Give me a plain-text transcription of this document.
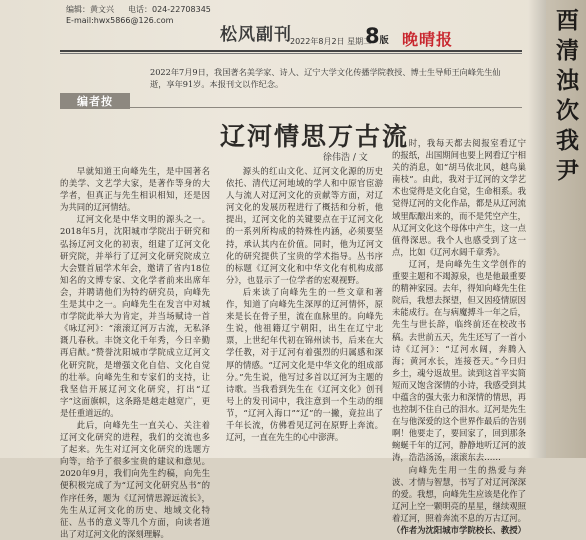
编辑：黄文兴 电话：024-22708345
E-mail:hwx5866@126.com
松风副刊
2022年8月2日 星期二
8版 晚晴报
2022年7月9日，我国著名美学家、诗人、辽宁大学文化传播学院教授、博士生导师王向峰先生仙逝，享年91岁。本报刊文以作纪念。
编者按
辽河情思万古流
徐伟浩 / 文

早就知道王向峰先生，是中国著名的美学、文艺学大家，是著作等身的大学者，但真正与先生相识相知，还是因为共同的辽河情结。

辽河文化是中华文明的源头之一。2018年5月，沈阳城市学院出于研究和弘扬辽河文化的初衷，组建了辽河文化研究院，并举行了辽河文化研究院成立大会暨首届学术年会，邀请了省内18位知名的文博专家、文化学者前来出席年会，并聘请他们为特约研究员，向峰先生是其中之一。向峰先生在发言中对城市学院此举大为肯定，并当场赋诗一首《咏辽河》：“滚滚辽河万古流，无私泽溉几春秋。丰饶文化千年秀，今日辛勤再启猷。”赞誉沈阳城市学院成立辽河文化研究院，是增强文化自信、文化自觉的壮举。向峰先生和专家们的支持，让我坚信开展辽河文化研究，打出“辽字”这面旗帜，这条路是越走越宽广，更是任重道远的。

此后，向峰先生一直关心、关注着辽河文化研究的进程，我们的交流也多了起来。先生对辽河文化研究的选题方向等，给予了很多宝贵的建议和意见。2020年9月，我们向先生约稿，向先生便积极完成了为“辽河文化研究丛书”的作序任务，题为《辽河情思源远流长》，先生从辽河文化的历史、地域文化特征、丛书的意义等几个方面，向读者道出了对辽河文化的深刻理解。

源头的红山文化、辽河文化源的历史依托、清代辽河地域的学人和中原官宦游人与流人对辽河文化的贡献等方面，对辽河文化的发展历程进行了概括和分析，他提出，辽河文化的关键要点在于辽河文化的一系列所构成的特殊性内涵，必须要坚持，承认其内在价值。同时，他为辽河文化的研究提供了宝贵的学术指导。丛书序的标题《辽河文化和中华文化有机构成部分》，也显示了一位学者的宏观视野。

后来读了向峰先生的一些文章和著作，知道了向峰先生深厚的辽河情怀，原来是长在骨子里，流在血脉里的。向峰先生说，他祖籍辽宁朝阳，出生在辽宁北票，上世纪年代初在锦州读书，后来在大学任教，对于辽河有着强烈的归属感和深厚的情感。“辽河文化是中华文化的组成部分。”先生说，他写过多首以辽河为主题的诗歌。当我看到先生在《辽河文化》创刊号上的发刊词中，我注意到一个生动的细节，“辽河入海口”“辽”的一撇，竟拉出了千年长流，仿佛看见辽河在原野上奔流。辽河，一直在先生的心中澎湃。

时，我每天都去阅报室看辽宁的报纸，出国期间也要上网看辽宁相关的消息，如“胡马依北风，越鸟巢南枝”。由此，我对于辽河的文学艺术也觉得是文化自觉，生命相系。我觉得辽河的文化作品，都是从辽河流域里酝酿出来的，而不是凭空产生，从辽河文化这个母体中产生，这一点值得深思。我个人也感受到了这一点，比如《辽河水阔千章秀》。

辽河，是向峰先生文学创作的重要主题和不竭源泉，也是他最重要的精神家园。去年，得知向峰先生住院后，我想去探望，但又因疫情原因未能成行。在与病魔搏斗一年之后，先生与世长辞，临终前还在校改书稿。去世前五天，先生还写了一首小诗《辽河》：“辽河水阔，奔腾入海；黄河水长，连接苍天。”今日归乡土，魂兮返故里。读到这首平实简短而又饱含深情的小诗，我感受到其中蕴含的强大张力和深情的情思，再也控制不住自己的泪水。辽河是先生在与他深爱的这个世界作最后的告别啊！他要走了，要回家了，回到那条蜿蜒千年的辽河，静静地听辽河的波涛，浩浩汤汤，滚滚东去……

向峰先生用一生的热爱与奔波、才情与智慧，书写了对辽河深深的爱。我想，向峰先生应该是化作了辽河上空一颗明亮的星星，继续观照着辽河，照着奔流不息的万古辽河。

（作者为沈阳城市学院校长、教授）

酉
清
浊
次
我
尹
